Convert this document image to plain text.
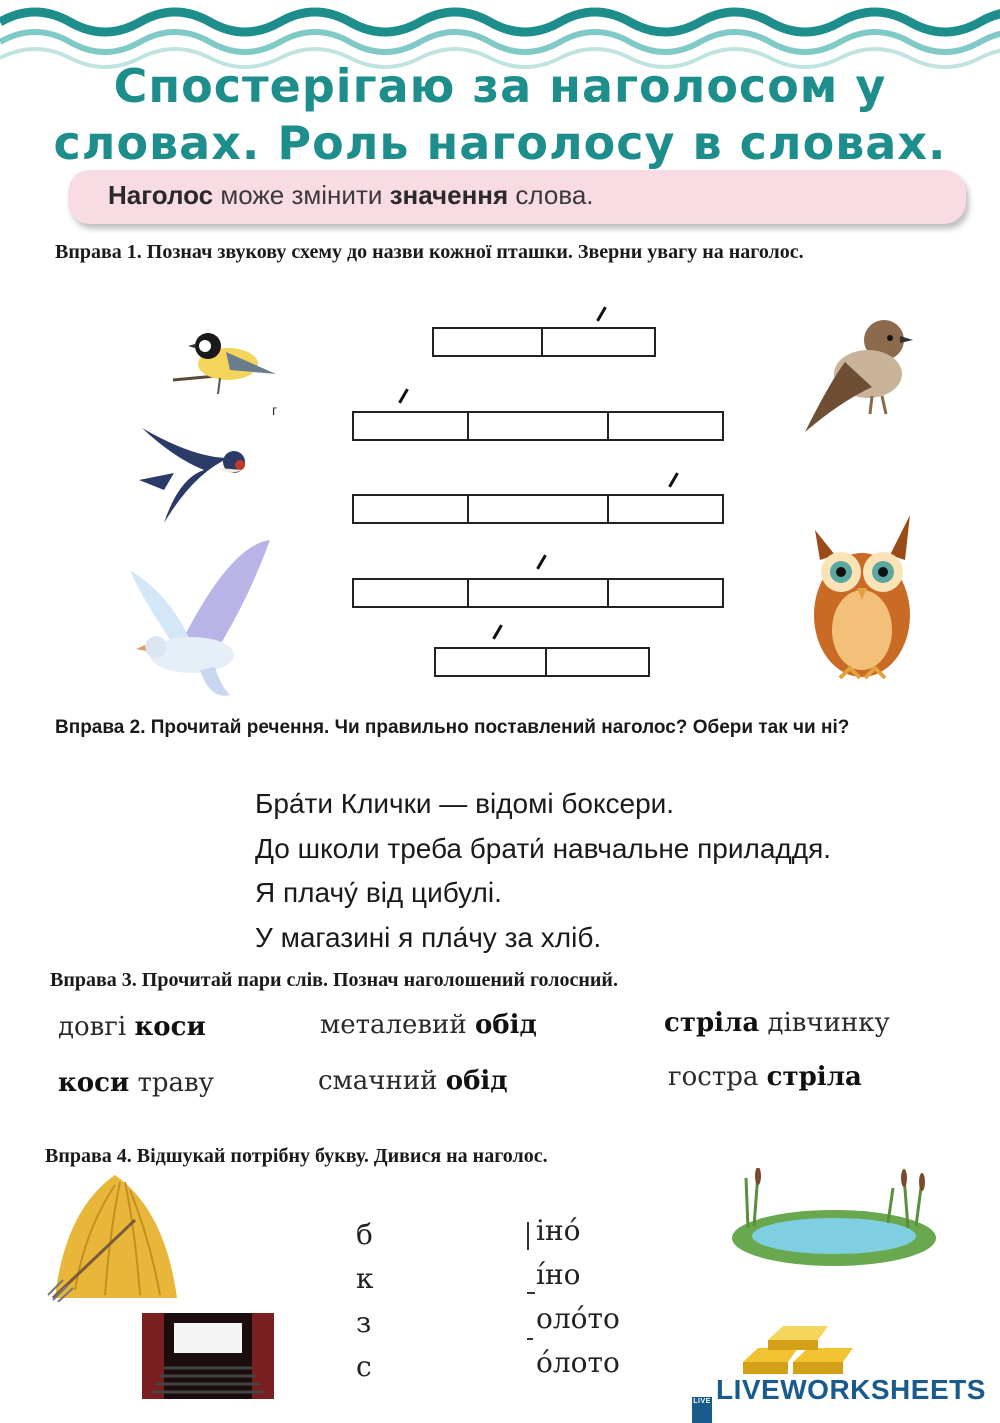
Спостерігаю за наголосом у
словах. Роль наголосу в словах.
Наголос може змінити значення слова.
Вправа 1. Познач звукову схему до назви кожної пташки. Зверни увагу на наголос.
г
Вправа 2. Прочитай речення. Чи правильно поставлений наголос? Обери так чи ні?
Бра́ти Клички — відомі боксери.
До школи треба брати́ навчальне приладдя.
Я плачу́ від цибулі.
У магазині я пла́чу за хліб.
Вправа 3. Прочитай пари слів. Познач наголошений голосний.
довгі коси	металевий обід	стріла дівчинку
коси траву	смачний обід	гостра стріла
Вправа 4. Відшукай потрібну букву. Дивися на наголос.
б
к
з
с
іно́
і́но
оло́то
о́лото
LIVE LIVEWORKSHEETS
